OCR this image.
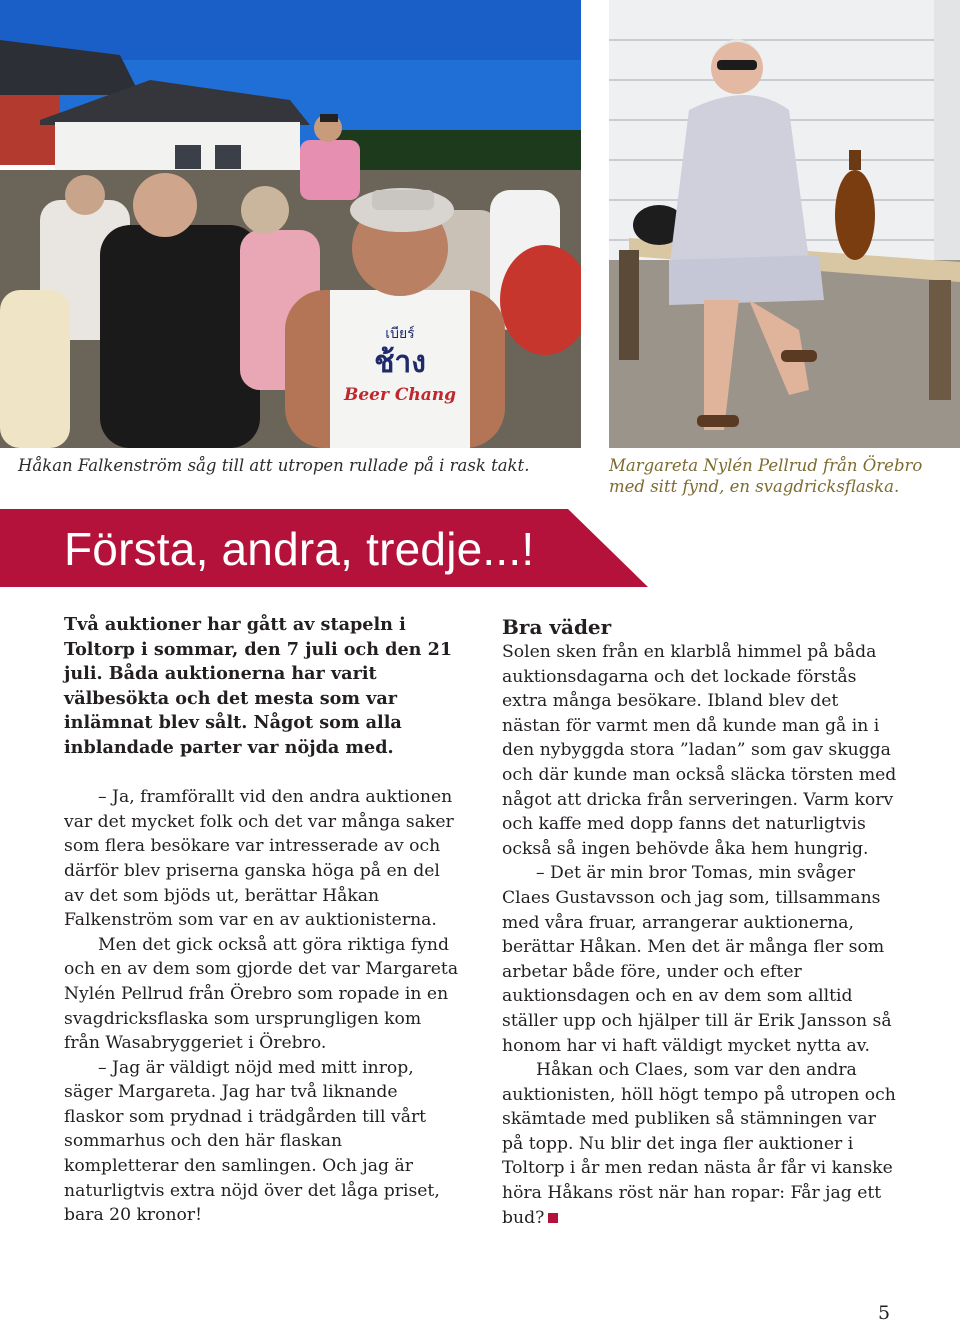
เบียร์
ช้าง
Beer Chang
Håkan Falkenström såg till att utropen rullade på i rask takt.	Margareta Nylén Pellrud från Örebro
med sitt fynd, en svagdricksflaska.
Första, andra, tredje...!

Två auktioner har gått av stapeln i Toltorp i sommar, den 7 juli och den 21 juli. Båda auktionerna har varit välbesökta och det mesta som var inlämnat blev sålt. Något som alla inblandade parter var nöjda med.

– Ja, framförallt vid den andra auktionen var det mycket folk och det var många saker som flera besökare var intresserade av och därför blev priserna ganska höga på en del av det som bjöds ut, berättar Håkan Falkenström som var en av auktionisterna.

Men det gick också att göra riktiga fynd och en av dem som gjorde det var Margareta Nylén Pellrud från Örebro som ropade in en svagdricksflaska som ursprungligen kom från Wasabryggeriet i Örebro.

– Jag är väldigt nöjd med mitt inrop, säger Margareta. Jag har två liknande flaskor som prydnad i trädgården till vårt sommarhus och den här flaskan kompletterar den samlingen. Och jag är naturligtvis extra nöjd över det låga priset, bara 20 kronor!

Bra väder

Solen sken från en klarblå himmel på båda auktionsdagarna och det lockade förstås extra många besökare. Ibland blev det nästan för varmt men då kunde man gå in i den nybyggda stora ”ladan” som gav skugga och där kunde man också släcka törsten med något att dricka från serveringen. Varm korv och kaffe med dopp fanns det naturligtvis också så ingen behövde åka hem hungrig.

– Det är min bror Tomas, min svåger Claes Gustavsson och jag som, tillsammans med våra fruar, arrangerar auktionerna, berättar Håkan. Men det är många fler som arbetar både före, under och efter auktionsdagen och en av dem som alltid ställer upp och hjälper till är Erik Jansson så honom har vi haft väldigt mycket nytta av.

Håkan och Claes, som var den andra auktionisten, höll högt tempo på utropen och skämtade med publiken så stämningen var på topp. Nu blir det inga fler auktioner i Toltorp i år men redan nästa år får vi kanske höra Håkans röst när han ropar: Får jag ett bud?

5
